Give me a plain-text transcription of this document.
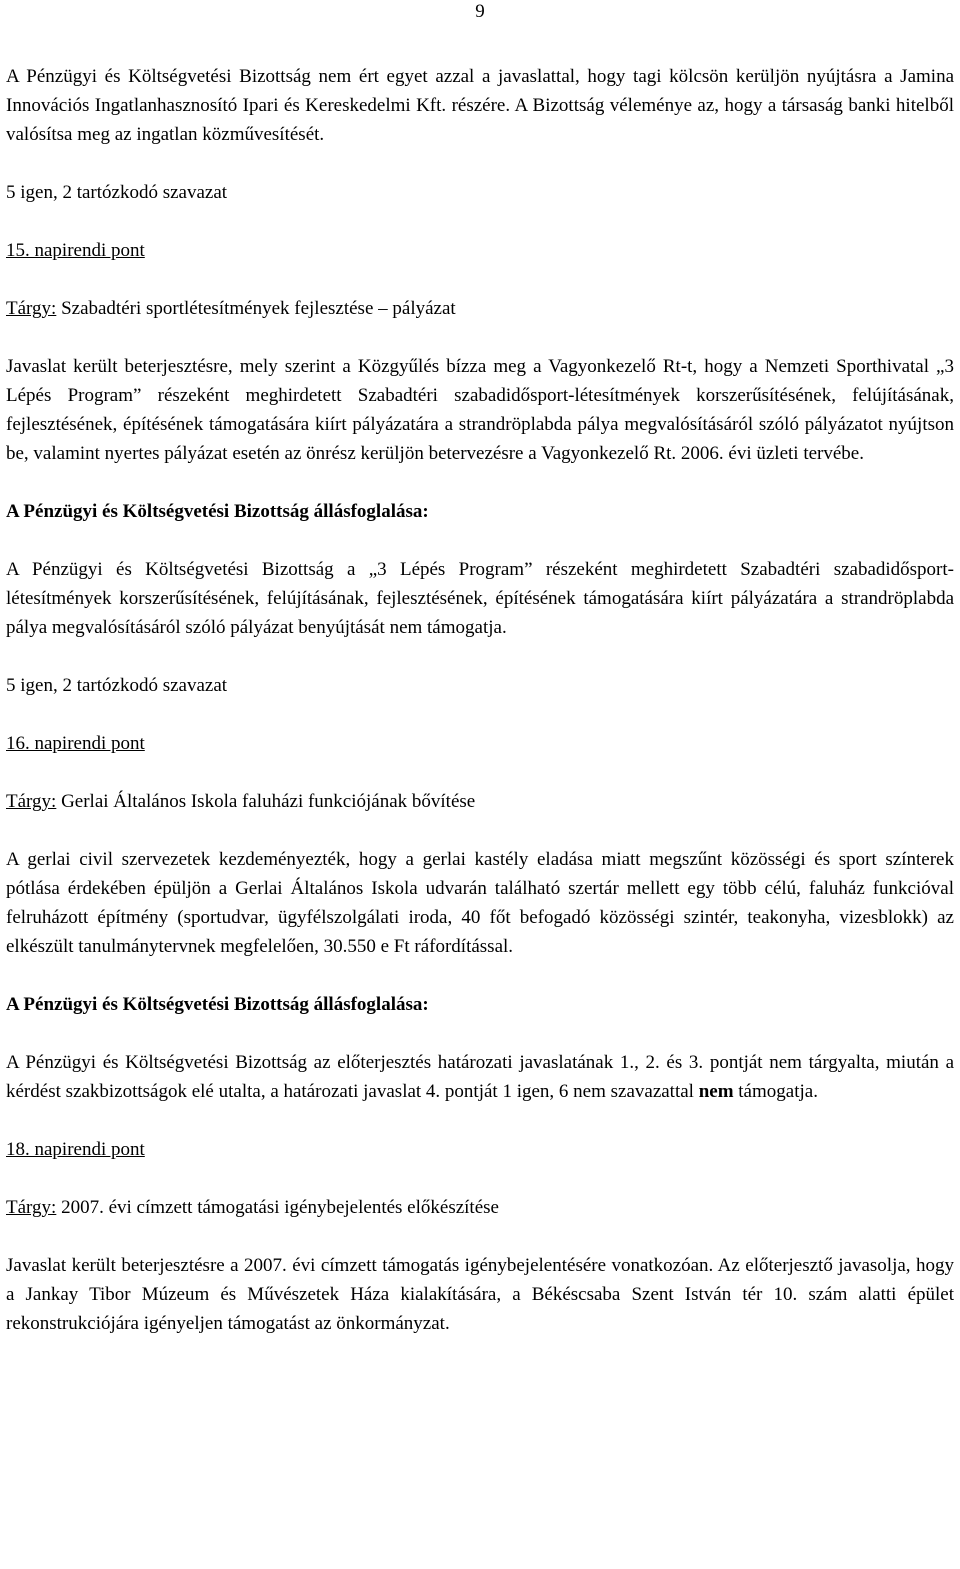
9

A Pénzügyi és Költségvetési Bizottság nem ért egyet azzal a javaslattal, hogy tagi kölcsön kerüljön nyújtásra a Jamina Innovációs Ingatlanhasznosító Ipari és Kereskedelmi Kft. részére. A Bizottság véleménye az, hogy a társaság banki hitelből valósítsa meg az ingatlan közművesítését.

5 igen, 2 tartózkodó szavazat

15. napirendi pont

Tárgy: Szabadtéri sportlétesítmények fejlesztése – pályázat

Javaslat került beterjesztésre, mely szerint a Közgyűlés bízza meg a Vagyonkezelő Rt-t, hogy a Nemzeti Sporthivatal „3 Lépés Program” részeként meghirdetett Szabadtéri szabadidősport-létesítmények korszerűsítésének, felújításának, fejlesztésének, építésének támogatására kiírt pályázatára a strandröplabda pálya megvalósításáról szóló pályázatot nyújtson be, valamint nyertes pályázat esetén az önrész kerüljön betervezésre a Vagyonkezelő Rt. 2006. évi üzleti tervébe.

A Pénzügyi és Költségvetési Bizottság állásfoglalása:

A Pénzügyi és Költségvetési Bizottság a „3 Lépés Program” részeként meghirdetett Szabadtéri szabadidősport-létesítmények korszerűsítésének, felújításának, fejlesztésének, építésének támogatására kiírt pályázatára a strandröplabda pálya megvalósításáról szóló pályázat benyújtását nem támogatja.

5 igen, 2 tartózkodó szavazat

16. napirendi pont

Tárgy: Gerlai Általános Iskola faluházi funkciójának bővítése

A gerlai civil szervezetek kezdeményezték, hogy a gerlai kastély eladása miatt megszűnt közösségi és sport színterek pótlása érdekében épüljön a Gerlai Általános Iskola udvarán található szertár mellett egy több célú, faluház funkcióval felruházott építmény (sportudvar, ügyfélszolgálati iroda, 40 főt befogadó közösségi szintér, teakonyha, vizesblokk) az elkészült tanulmánytervnek megfelelően, 30.550 e Ft ráfordítással.

A Pénzügyi és Költségvetési Bizottság állásfoglalása:

A Pénzügyi és Költségvetési Bizottság az előterjesztés határozati javaslatának 1., 2. és 3. pontját nem tárgyalta, miután a kérdést szakbizottságok elé utalta, a határozati javaslat 4. pontját 1 igen, 6 nem szavazattal nem támogatja.

18. napirendi pont

Tárgy: 2007. évi címzett támogatási igénybejelentés előkészítése

Javaslat került beterjesztésre a 2007. évi címzett támogatás igénybejelentésére vonatkozóan. Az előterjesztő javasolja, hogy a Jankay Tibor Múzeum és Művészetek Háza kialakítására, a Békéscsaba Szent István tér 10. szám alatti épület rekonstrukciójára igényeljen támogatást az önkormányzat.
